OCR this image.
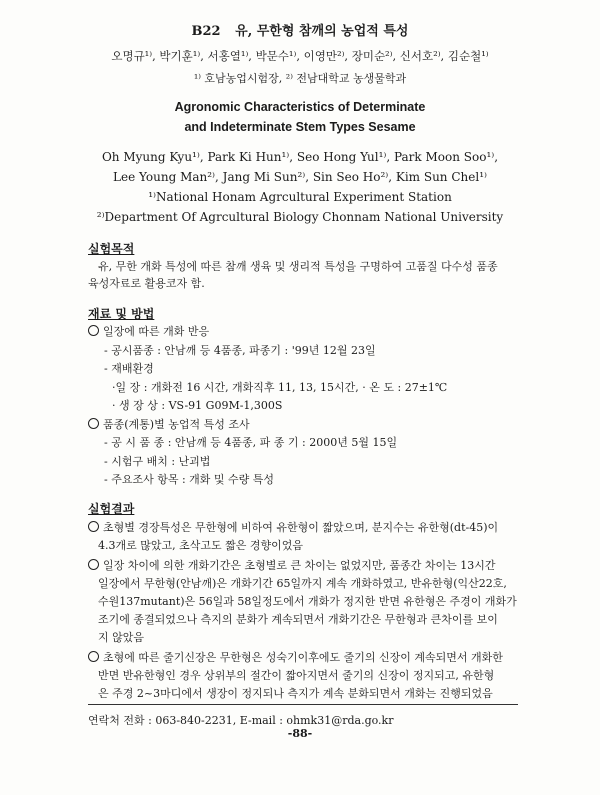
B22 유, 무한형 참깨의 농업적 특성
오명규¹⁾, 박기훈¹⁾, 서홍열¹⁾, 박문수¹⁾, 이영만²⁾, 장미순²⁾, 신서호²⁾, 김순철¹⁾
¹⁾ 호남농업시험장, ²⁾ 전남대학교 농생물학과
Agronomic Characteristics of Determinate
and Indeterminate Stem Types Sesame
Oh Myung Kyu¹⁾, Park Ki Hun¹⁾, Seo Hong Yul¹⁾, Park Moon Soo¹⁾,
Lee Young Man²⁾, Jang Mi Sun²⁾, Sin Seo Ho²⁾, Kim Sun Chel¹⁾
¹⁾National Honam Agrcultural Experiment Station
²⁾Department Of Agrcultural Biology Chonnam National University
실험목적
유, 무한 개화 특성에 따른 참깨 생육 및 생리적 특성을 구명하여 고품질 다수성 품종
육성자료로 활용코자 함.
재료 및 방법
일장에 따른 개화 반응
- 공시품종 : 안남깨 등 4품종, 파종기 : '99년 12월 23일
- 재배환경
·일 장 : 개화전 16 시간, 개화직후 11, 13, 15시간, · 온 도 : 27±1℃
· 생 장 상 : VS-91 G09M-1,300S
품종(계통)별 농업적 특성 조사
- 공 시 품 종 : 안남깨 등 4품종, 파 종 기 : 2000년 5월 15일
- 시험구 배치 : 난괴법
- 주요조사 항목 : 개화 및 수량 특성
실험결과
초형별 경장특성은 무한형에 비하여 유한형이 짧았으며, 분지수는 유한형(dt-45)이
4.3개로 많았고, 초삭고도 짧은 경향이었음
일장 차이에 의한 개화기간은 초형별로 큰 차이는 없었지만, 품종간 차이는 13시간
일장에서 무한형(안남깨)은 개화기간 65일까지 계속 개화하였고, 반유한형(익산22호,
수원137mutant)은 56일과 58일정도에서 개화가 정지한 반면 유한형은 주경이 개화가
조기에 종결되었으나 측지의 분화가 계속되면서 개화기간은 무한형과 큰차이를 보이
지 않았음
초형에 따른 줄기신장은 무한형은 성숙기이후에도 줄기의 신장이 계속되면서 개화한
반면 반유한형인 경우 상위부의 절간이 짧아지면서 줄기의 신장이 정지되고, 유한형
은 주경 2~3마디에서 생장이 정지되나 측지가 계속 분화되면서 개화는 진행되었음
연락처 전화 : 063-840-2231, E-mail : ohmk31@rda.go.kr
-88-
